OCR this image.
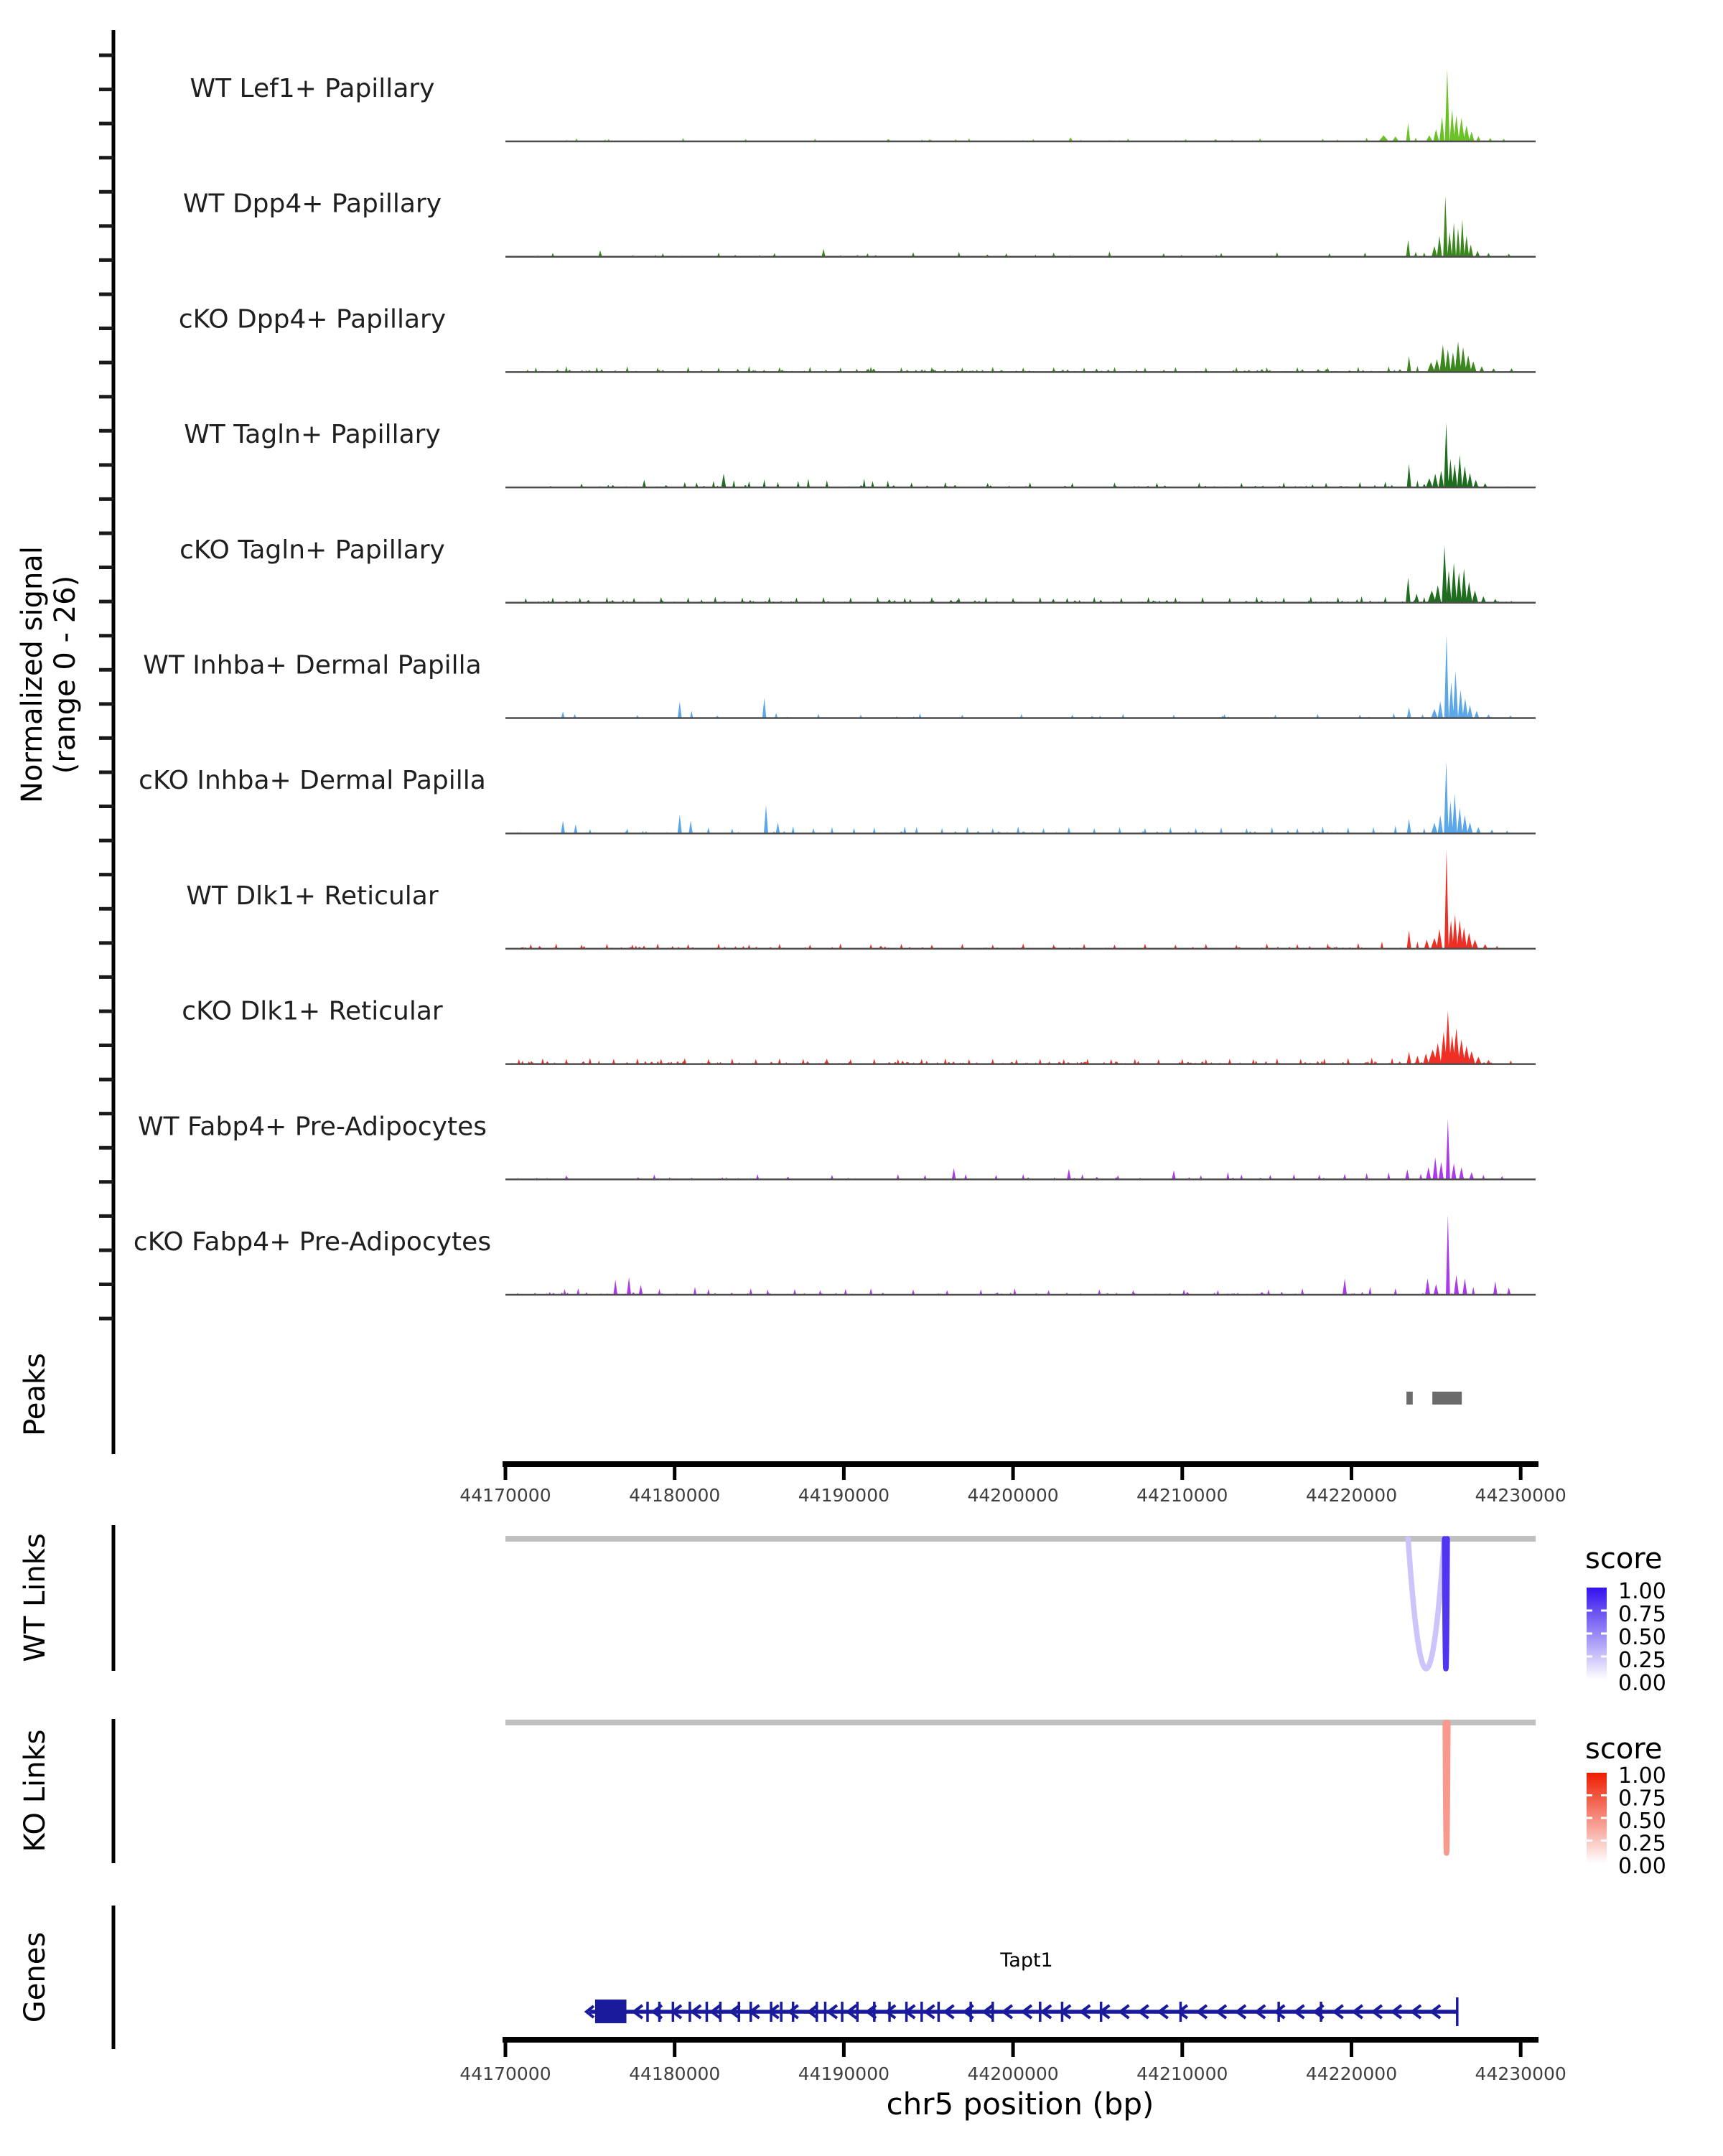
Normalized signal (range 0 - 26)
Peaks
WT Links
KO Links
Genes
score
score
Tapt1
chr5 position (bp)
WT Lef1+ Papillary
WT Dpp4+ Papillary
cKO Dpp4+ Papillary
WT Tagln+ Papillary
cKO Tagln+ Papillary
WT Inhba+ Dermal Papilla
cKO Inhba+ Dermal Papilla
WT Dlk1+ Reticular
cKO Dlk1+ Reticular
WT Fabp4+ Pre-Adipocytes
cKO Fabp4+ Pre-Adipocytes
44170000	44180000	44190000	44200000	44210000	44220000	44230000
1.00
0.75
0.50
0.25
0.00
1.00
0.75
0.50
0.25
0.00
44170000	44180000	44190000	44200000	44210000	44220000	44230000
